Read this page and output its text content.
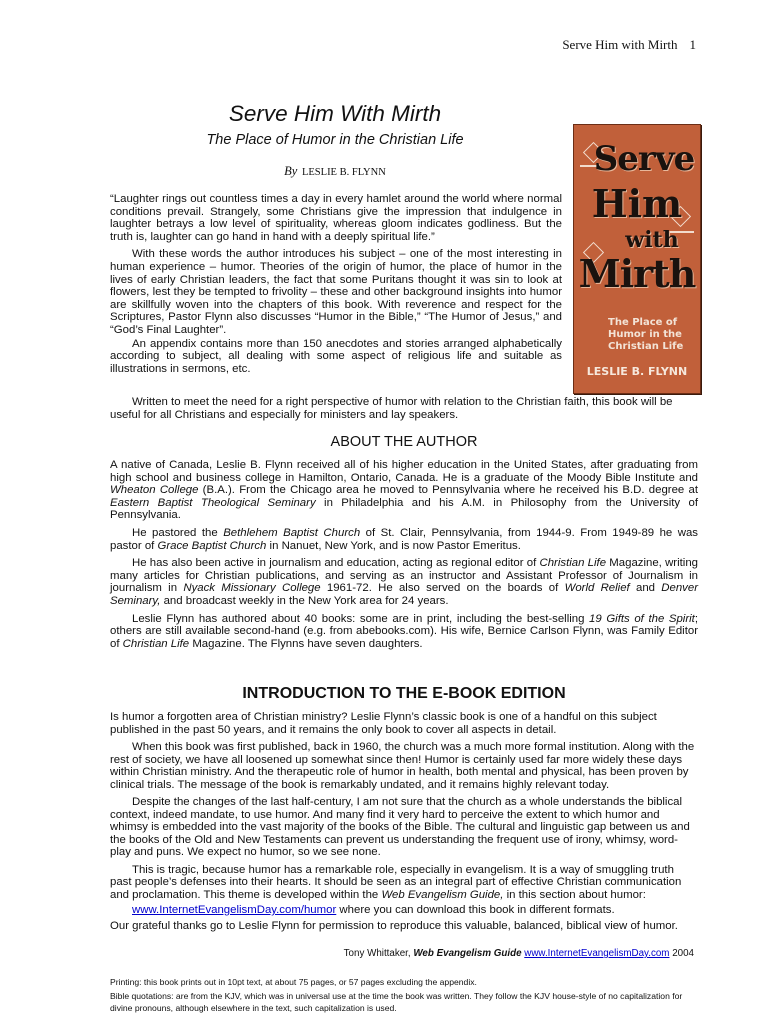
Serve Him with Mirth 1
Serve Him With Mirth
The Place of Humor in the Christian Life
By LESLIE B. FLYNN	Serve
Him
with
Mirth
The Place of
Humor in the
Christian Life
LESLIE B. FLYNN

“Laughter rings out countless times a day in every hamlet around the world where normal conditions prevail. Strangely, some Christians give the impression that indulgence in laughter betrays a low level of spirituality, whereas gloom indicates godliness. But the truth is, laughter can go hand in hand with a deeply spiritual life.”

With these words the author introduces his subject – one of the most interesting in human experience – humor. Theories of the origin of humor, the place of humor in the lives of early Christian leaders, the fact that some Puritans thought it was sin to look at flowers, lest they be tempted to frivolity – these and other background insights into humor are skillfully woven into the chapters of this book. With reverence and respect for the Scriptures, Pastor Flynn also discusses “Humor in the Bible,” “The Humor of Jesus,” and “God’s Final Laughter”.

An appendix contains more than 150 anecdotes and stories arranged alphabetically according to subject, all dealing with some aspect of religious life and suitable as illustrations in sermons, etc.

Written to meet the need for a right perspective of humor with relation to the Christian faith, this book will be useful for all Christians and especially for ministers and lay speakers.

ABOUT THE AUTHOR

A native of Canada, Leslie B. Flynn received all of his higher education in the United States, after graduating from high school and business college in Hamilton, Ontario, Canada. He is a graduate of the Moody Bible Institute and Wheaton College (B.A.). From the Chicago area he moved to Pennsylvania where he received his B.D. degree at Eastern Baptist Theological Seminary in Philadelphia and his A.M. in Philosophy from the University of Pennsylvania.

He pastored the Bethlehem Baptist Church of St. Clair, Pennsylvania, from 1944-9. From 1949-89 he was pastor of Grace Baptist Church in Nanuet, New York, and is now Pastor Emeritus.

He has also been active in journalism and education, acting as regional editor of Christian Life Magazine, writing many articles for Christian publications, and serving as an instructor and Assistant Professor of Journalism in journalism in Nyack Missionary College 1961-72. He also served on the boards of World Relief and Denver Seminary, and broadcast weekly in the New York area for 24 years.

Leslie Flynn has authored about 40 books: some are in print, including the best-selling 19 Gifts of the Spirit; others are still available second-hand (e.g. from abebooks.com). His wife, Bernice Carlson Flynn, was Family Editor of Christian Life Magazine. The Flynns have seven daughters.

INTRODUCTION TO THE E-BOOK EDITION

Is humor a forgotten area of Christian ministry? Leslie Flynn’s classic book is one of a handful on this subject published in the past 50 years, and it remains the only book to cover all aspects in detail.

When this book was first published, back in 1960, the church was a much more formal institution. Along with the rest of society, we have all loosened up somewhat since then! Humor is certainly used far more widely these days within Christian ministry. And the therapeutic role of humor in health, both mental and physical, has been proven by clinical trials. The message of the book is remarkably undated, and it remains highly relevant today.

Despite the changes of the last half-century, I am not sure that the church as a whole understands the biblical context, indeed mandate, to use humor. And many find it very hard to perceive the extent to which humor and whimsy is embedded into the vast majority of the books of the Bible. The cultural and linguistic gap between us and the books of the Old and New Testaments can prevent us understanding the frequent use of irony, whimsy, word-play and puns. We expect no humor, so we see none.

This is tragic, because humor has a remarkable role, especially in evangelism. It is a way of smuggling truth past people’s defenses into their hearts. It should be seen as an integral part of effective Christian communication and proclamation. This theme is developed within the Web Evangelism Guide, in this section about humor:

www.InternetEvangelismDay.com/humor where you can download this book in different formats.

Our grateful thanks go to Leslie Flynn for permission to reproduce this valuable, balanced, biblical view of humor.

Tony Whittaker, Web Evangelism Guide www.InternetEvangelismDay.com 2004

Printing: this book prints out in 10pt text, at about 75 pages, or 57 pages excluding the appendix.

Bible quotations: are from the KJV, which was in universal use at the time the book was written. They follow the KJV house-style of no capitalization for divine pronouns, although elsewhere in the text, such capitalization is used.
